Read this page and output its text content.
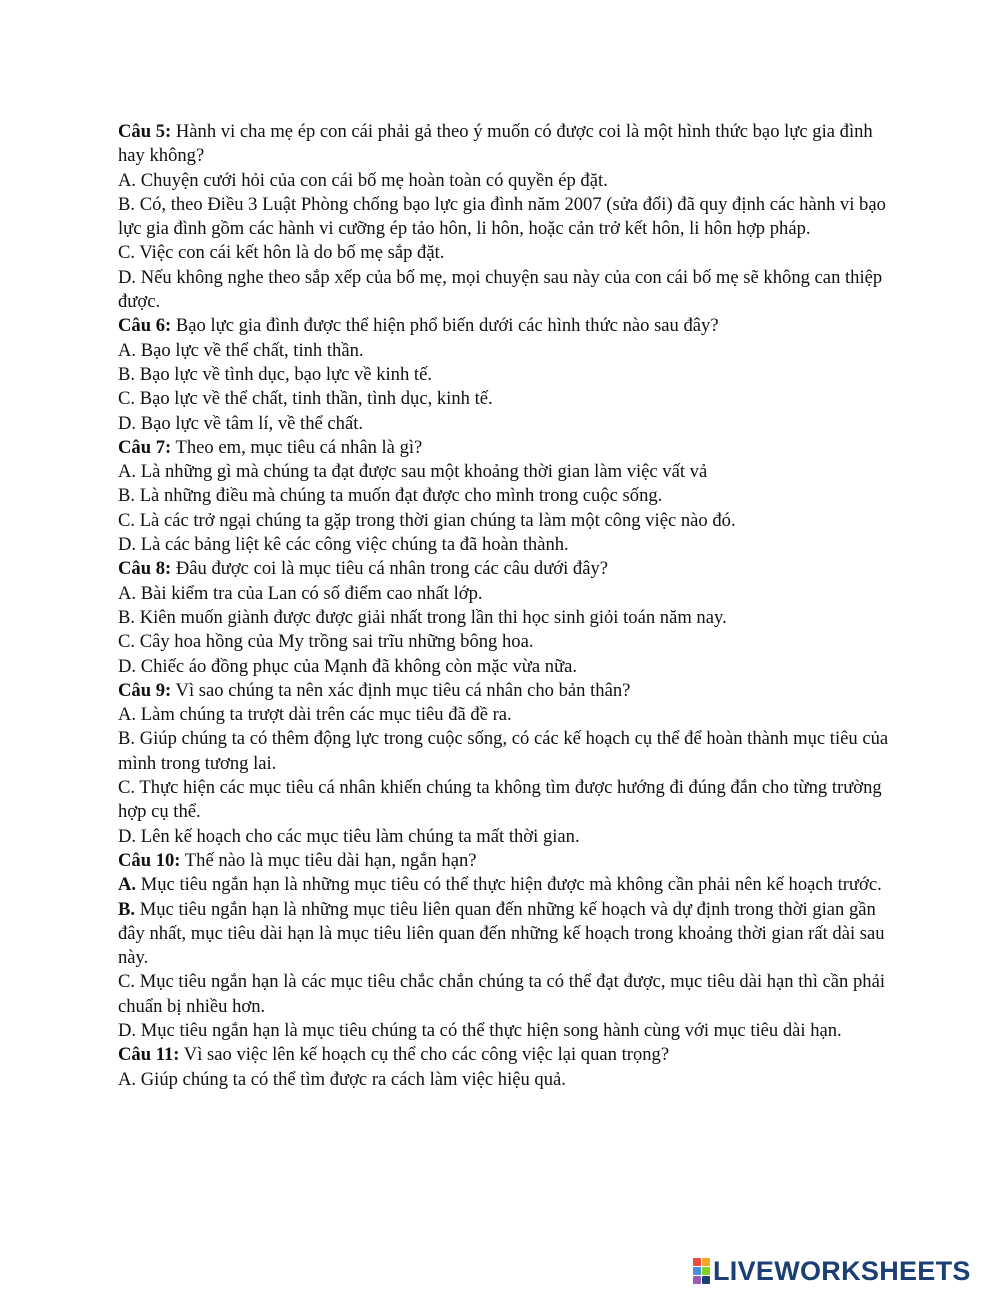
Câu 5: Hành vi cha mẹ ép con cái phải gả theo ý muốn có được coi là một hình thức bạo lực gia đình hay không?

A. Chuyện cưới hỏi của con cái bố mẹ hoàn toàn có quyền ép đặt.

B. Có, theo Điều 3 Luật Phòng chống bạo lực gia đình năm 2007 (sửa đổi) đã quy định các hành vi bạo lực gia đình gồm các hành vi cưỡng ép tảo hôn, li hôn, hoặc cản trở kết hôn, li hôn hợp pháp.

C. Việc con cái kết hôn là do bố mẹ sắp đặt.

D. Nếu không nghe theo sắp xếp của bố mẹ, mọi chuyện sau này của con cái bố mẹ sẽ không can thiệp được.

Câu 6: Bạo lực gia đình được thể hiện phổ biến dưới các hình thức nào sau đây?

A. Bạo lực về thể chất, tinh thần.

B. Bạo lực về tình dục, bạo lực về kinh tế.

C. Bạo lực về thể chất, tinh thần, tình dục, kinh tế.

D. Bạo lực về tâm lí, về thể chất.

Câu 7: Theo em, mục tiêu cá nhân là gì?

A. Là những gì mà chúng ta đạt được sau một khoảng thời gian làm việc vất vả

B. Là những điều mà chúng ta muốn đạt được cho mình trong cuộc sống.

C. Là các trở ngại chúng ta gặp trong thời gian chúng ta làm một công việc nào đó.

D. Là các bảng liệt kê các công việc chúng ta đã hoàn thành.

Câu 8: Đâu được coi là mục tiêu cá nhân trong các câu dưới đây?

A. Bài kiểm tra của Lan có số điểm cao nhất lớp.

B. Kiên muốn giành được được giải nhất trong lần thi học sinh giỏi toán năm nay.

C. Cây hoa hồng của My trồng sai trĩu những bông hoa.

D. Chiếc áo đồng phục của Mạnh đã không còn mặc vừa nữa.

Câu 9: Vì sao chúng ta nên xác định mục tiêu cá nhân cho bản thân?

A. Làm chúng ta trượt dài trên các mục tiêu đã đề ra.

B. Giúp chúng ta có thêm động lực trong cuộc sống, có các kế hoạch cụ thể để hoàn thành mục tiêu của mình trong tương lai.

C. Thực hiện các mục tiêu cá nhân khiến chúng ta không tìm được hướng đi đúng đắn cho từng trường hợp cụ thể.

D. Lên kế hoạch cho các mục tiêu làm chúng ta mất thời gian.

Câu 10: Thế nào là mục tiêu dài hạn, ngắn hạn?

A. Mục tiêu ngắn hạn là những mục tiêu có thể thực hiện được mà không cần phải nên kế hoạch trước.

B. Mục tiêu ngắn hạn là những mục tiêu liên quan đến những kế hoạch và dự định trong thời gian gần đây nhất, mục tiêu dài hạn là mục tiêu liên quan đến những kế hoạch trong khoảng thời gian rất dài sau này.

C. Mục tiêu ngắn hạn là các mục tiêu chắc chắn chúng ta có thể đạt được, mục tiêu dài hạn thì cần phải chuẩn bị nhiều hơn.

D. Mục tiêu ngắn hạn là mục tiêu chúng ta có thể thực hiện song hành cùng với mục tiêu dài hạn.

Câu 11: Vì sao việc lên kế hoạch cụ thể cho các công việc lại quan trọng?

A. Giúp chúng ta có thể tìm được ra cách làm việc hiệu quả.

LIVEWORKSHEETS
